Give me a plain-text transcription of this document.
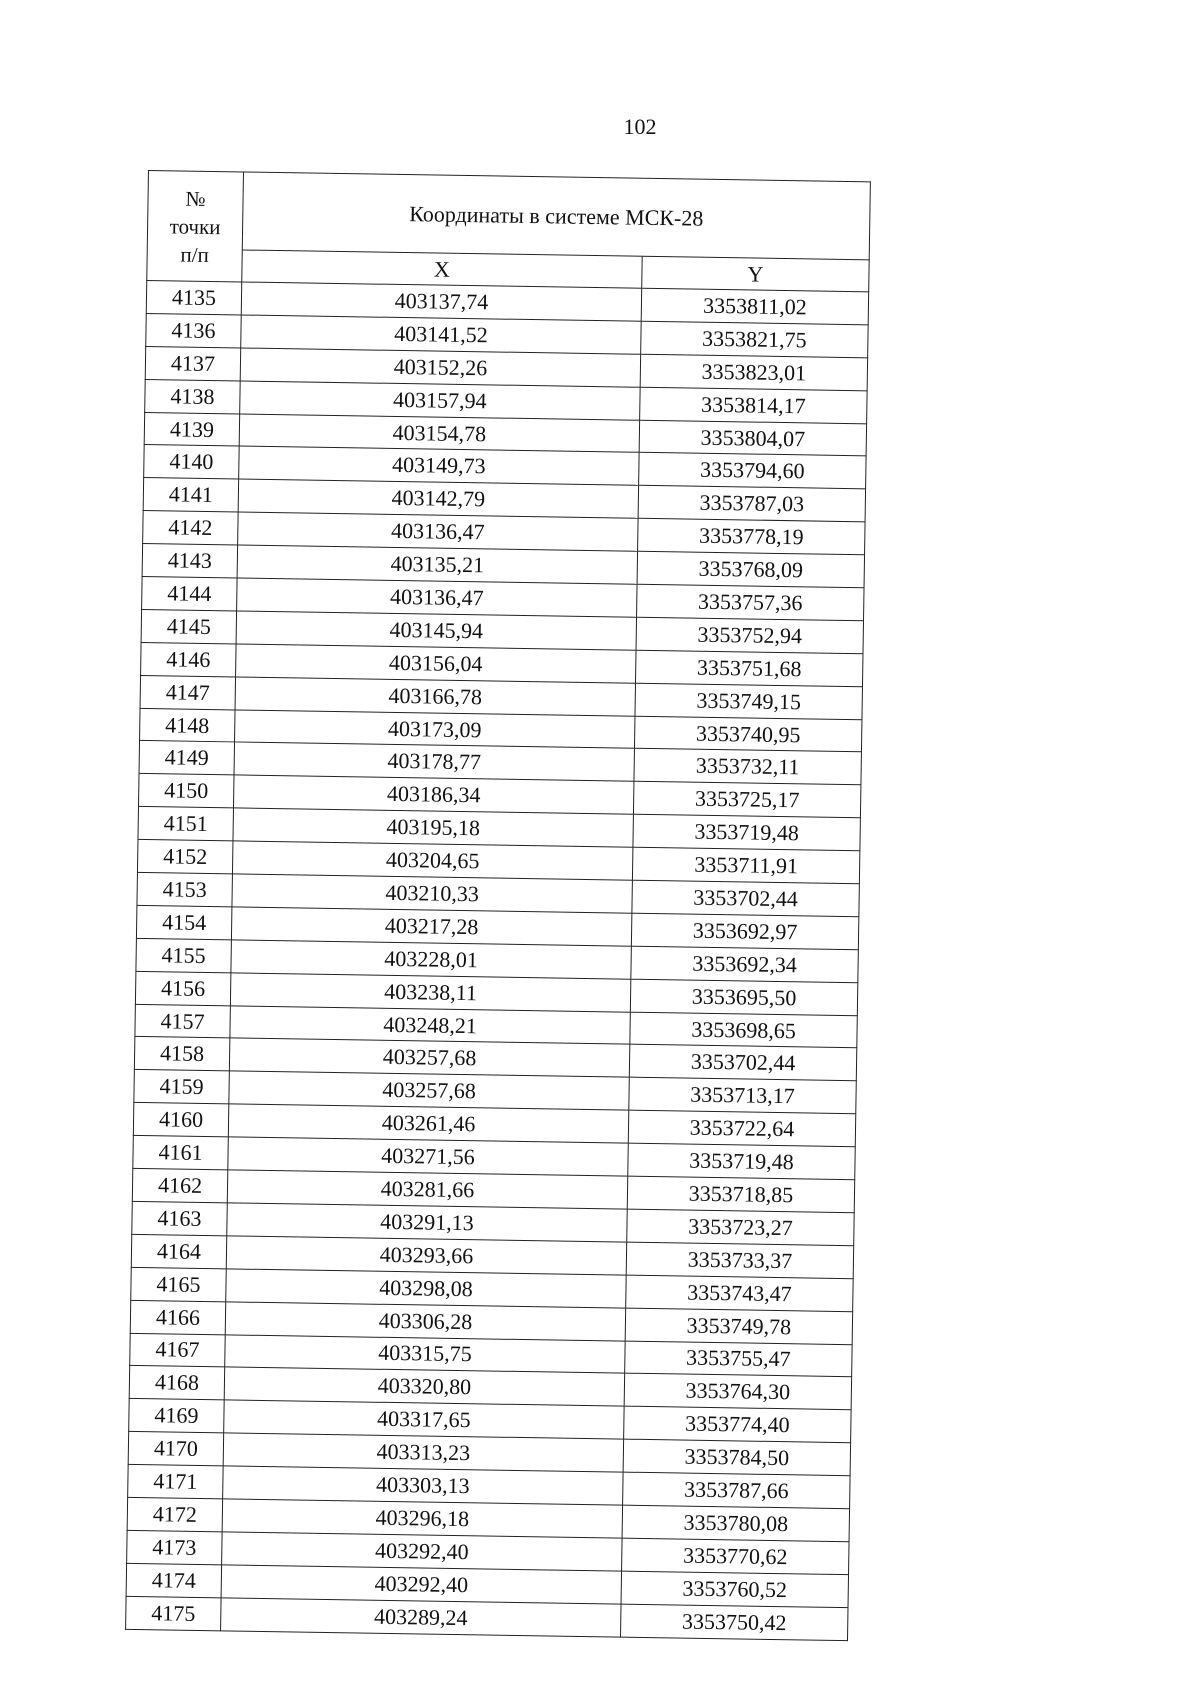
102
№
точки
п/п	Координаты в системе МСК-28	
	X	Y
4135	403137,74	3353811,02
4136	403141,52	3353821,75
4137	403152,26	3353823,01
4138	403157,94	3353814,17
4139	403154,78	3353804,07
4140	403149,73	3353794,60
4141	403142,79	3353787,03
4142	403136,47	3353778,19
4143	403135,21	3353768,09
4144	403136,47	3353757,36
4145	403145,94	3353752,94
4146	403156,04	3353751,68
4147	403166,78	3353749,15
4148	403173,09	3353740,95
4149	403178,77	3353732,11
4150	403186,34	3353725,17
4151	403195,18	3353719,48
4152	403204,65	3353711,91
4153	403210,33	3353702,44
4154	403217,28	3353692,97
4155	403228,01	3353692,34
4156	403238,11	3353695,50
4157	403248,21	3353698,65
4158	403257,68	3353702,44
4159	403257,68	3353713,17
4160	403261,46	3353722,64
4161	403271,56	3353719,48
4162	403281,66	3353718,85
4163	403291,13	3353723,27
4164	403293,66	3353733,37
4165	403298,08	3353743,47
4166	403306,28	3353749,78
4167	403315,75	3353755,47
4168	403320,80	3353764,30
4169	403317,65	3353774,40
4170	403313,23	3353784,50
4171	403303,13	3353787,66
4172	403296,18	3353780,08
4173	403292,40	3353770,62
4174	403292,40	3353760,52
4175	403289,24	3353750,42
